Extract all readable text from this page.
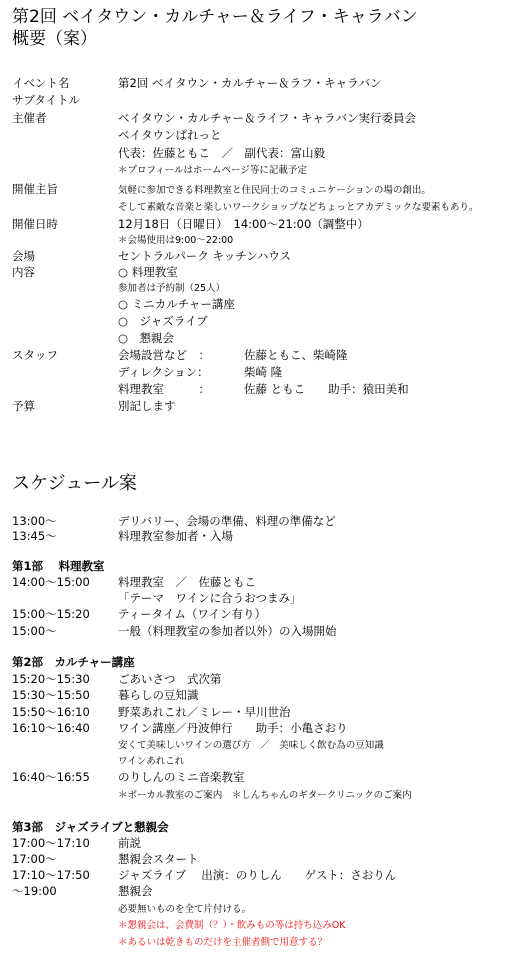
第2回 ベイタウン・カルチャー＆ライフ・キャラバン
概要（案）
イベント名	第2回 ベイタウン・カルチャー＆ラフ・キャラバン
サブタイトル
主催者	ベイタウン・カルチャー＆ライフ・キャラバン実行委員会
ベイタウンぱれっと
代表：佐藤ともこ　／　副代表：富山毅
＊プロフィールはホームページ等に記載予定
開催主旨	気軽に参加できる料理教室と住民同士のコミュニケーションの場の創出。
そして素敵な音楽と楽しいワークショップなどちょっとアカデミックな要素もあり。
開催日時	12月18日（日曜日）　14:00～21:00（調整中）
＊会場使用は9:00～22:00
会場	セントラルパーク キッチンハウス
内容	○ 料理教室
参加者は予約制（25人）
○ ミニカルチャー講座
○　ジャズライブ
○　懇親会
スタッフ	会場設営など　：	佐藤ともこ、柴崎隆
ディレクション：	柴崎 隆
料理教室　　　：	佐藤 ともこ　　助手：猿田美和
予算	別記します
スケジュール案
13:00～	デリバリー、会場の準備、料理の準備など
13:45～	料理教室参加者・入場
第1部　 料理教室
14:00～15:00 料理教室　／　佐藤ともこ
「テーマ　ワインに合うおつまみ」
15:00～15:20 ティータイム（ワイン有り）
15:00～	一般（料理教室の参加者以外）の入場開始
第2部　カルチャー講座
15:20～15:30 ごあいさつ　式次第
15:30～15:50 暮らしの豆知識
15:50～16:10 野菜あれこれ／ミレー・早川世治
16:10～16:40 ワイン講座／丹波伸行　　助手：小亀さおり
安くて美味しいワインの選び方　／　美味しく飲む為の豆知識
ワインあれこれ
16:40～16:55 のりしんのミニ音楽教室
＊ボーカル教室のご案内　＊しんちゃんのギタークリニックのご案内
第3部　ジャズライブと懇親会
17:00～17:10 前説
17:00～	懇親会スタート
17:10～17:50 ジャズライブ　 出演：のりしん　　ゲスト：さおりん
～19:00	懇親会
必要無いものを全て片付ける。
＊懇親会は、会費制（？）・飲みもの等は持ち込みOK
＊あるいは乾きものだけを主催者側で用意する？
